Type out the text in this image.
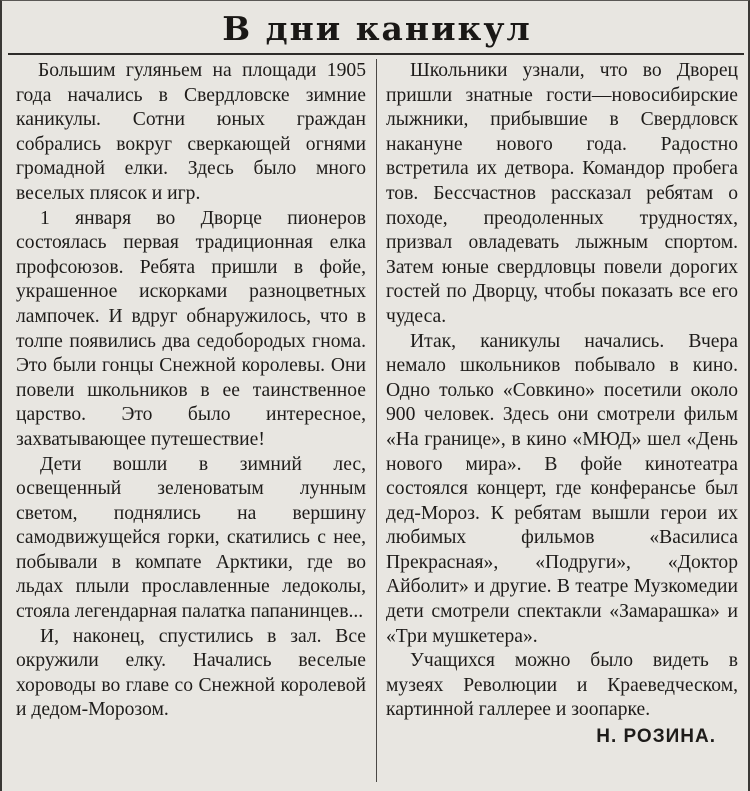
В дни каникул

Большим гуляньем на площади 1905 года начались в Свердловске зимние каникулы. Сотни юных граждан собрались вокруг сверкающей огнями громадной елки. Здесь было много веселых плясок и игр.

1 января во Дворце пионеров состоялась первая традиционная елка профсоюзов. Ребята пришли в фойе, украшенное искорками разноцветных лампочек. И вдруг обнаружилось, что в толпе появились два седобородых гнома. Это были гонцы Снежной королевы. Они повели школьников в ее таинственное царство. Это было интересное, захватывающее путешествие!

Дети вошли в зимний лес, освещенный зеленоватым лунным светом, поднялись на вершину самодвижущейся горки, скатились с нее, побывали в компате Арктики, где во льдах плыли прославленные ледоколы, стояла легендарная палатка папанинцев...

И, наконец, спустились в зал. Все окружили елку. Начались веселые хороводы во главе со Снежной королевой и дедом-Морозом.

Школьники узнали, что во Дворец пришли знатные гости—новосибирские лыжники, прибывшие в Свердловск накануне нового года. Радостно встретила их детвора. Командор пробега тов. Бессчастнов рассказал ребятам о походе, преодоленных трудностях, призвал овладевать лыжным спортом. Затем юные свердловцы повели дорогих гостей по Дворцу, чтобы показать все его чудеса.

Итак, каникулы начались. Вчера немало школьников побывало в кино. Одно только «Совкино» посетили около 900 человек. Здесь они смотрели фильм «На границе», в кино «МЮД» шел «День нового мира». В фойе кинотеатра состоялся концерт, где конферансье был дед-Мороз. К ребятам вышли герои их любимых фильмов «Василиса Прекрасная», «Подруги», «Доктор Айболит» и другие. В театре Музкомедии дети смотрели спектакли «Замарашка» и «Три мушкетера».

Учащихся можно было видеть в музеях Революции и Краеведческом, картинной галлерее и зоопарке.

Н. РОЗИНА.
